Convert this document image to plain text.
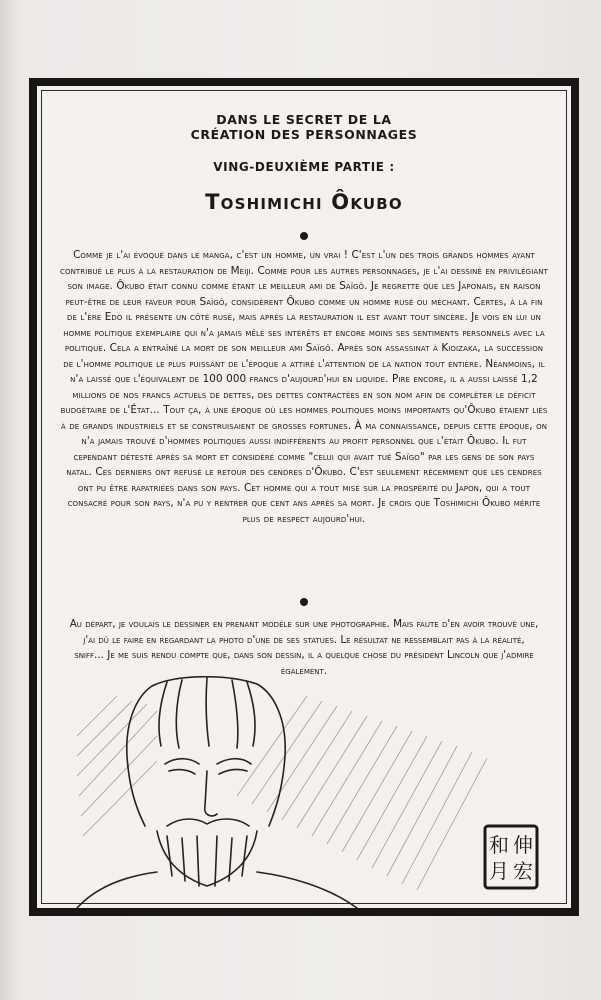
DANS LE SECRET DE LA
CRÉATION DES PERSONNAGES
VING-DEUXIÈME PARTIE :
Toshimichi Ôkubo
Comme je l'ai évoqué dans le manga, c'est un homme, un vrai ! C'est l'un des trois grands hommes ayant contribué le plus à la restauration de Meiji. Comme pour les autres personnages, je l'ai dessiné en privilégiant son image. Ôkubo était connu comme étant le meilleur ami de Saïgô. Je regrette que les Japonais, en raison peut-être de leur faveur pour Saïgô, considèrent Ôkubo comme un homme rusé ou méchant. Certes, à la fin de l'ère Edo il présente un côté rusé, mais après la restauration il est avant tout sincère. Je vois en lui un homme politique exemplaire qui n'a jamais mêlé ses intérêts et encore moins ses sentiments personnels avec la politique. Cela a entraîné la mort de son meilleur ami Saïgô. Après son assassinat à Kioizaka, la succession de l'homme politique le plus puissant de l'époque a attiré l'attention de la nation tout entière. Néanmoins, il n'a laissé que l'équivalent de 100 000 francs d'aujourd'hui en liquide. Pire encore, il a aussi laissé 1,2 millions de nos francs actuels de dettes, des dettes contractées en son nom afin de compléter le déficit budgétaire de l'État... Tout ça, à une époque où les hommes politiques moins importants qu'Ôkubo étaient liés à de grands industriels et se construisaient de grosses fortunes. À ma connaissance, depuis cette époque, on n'a jamais trouvé d'hommes politiques aussi indifférents au profit personnel que l'était Ôkubo. Il fut cependant détesté après sa mort et considéré comme "celui qui avait tué Saïgo" par les gens de son pays natal. Ces derniers ont refusé le retour des cendres d'Ôkubo. C'est seulement récemment que les cendres ont pu être rapatriées dans son pays. Cet homme qui a tout misé sur la prospérité du Japon, qui a tout consacré pour son pays, n'a pu y rentrer que cent ans après sa mort. Je crois que Toshimichi Ôkubo mérite plus de respect aujourd'hui.
Au départ, je voulais le dessiner en prenant modèle sur une photographie. Mais faute d'en avoir trouvé une, j'ai dû le faire en regardant la photo d'une de ses statues. Le résultat ne ressemblait pas à la réalité, sniff... Je me suis rendu compte que, dans son dessin, il a quelque chose du président Lincoln que j'admire également.
伸
宏
和
月
